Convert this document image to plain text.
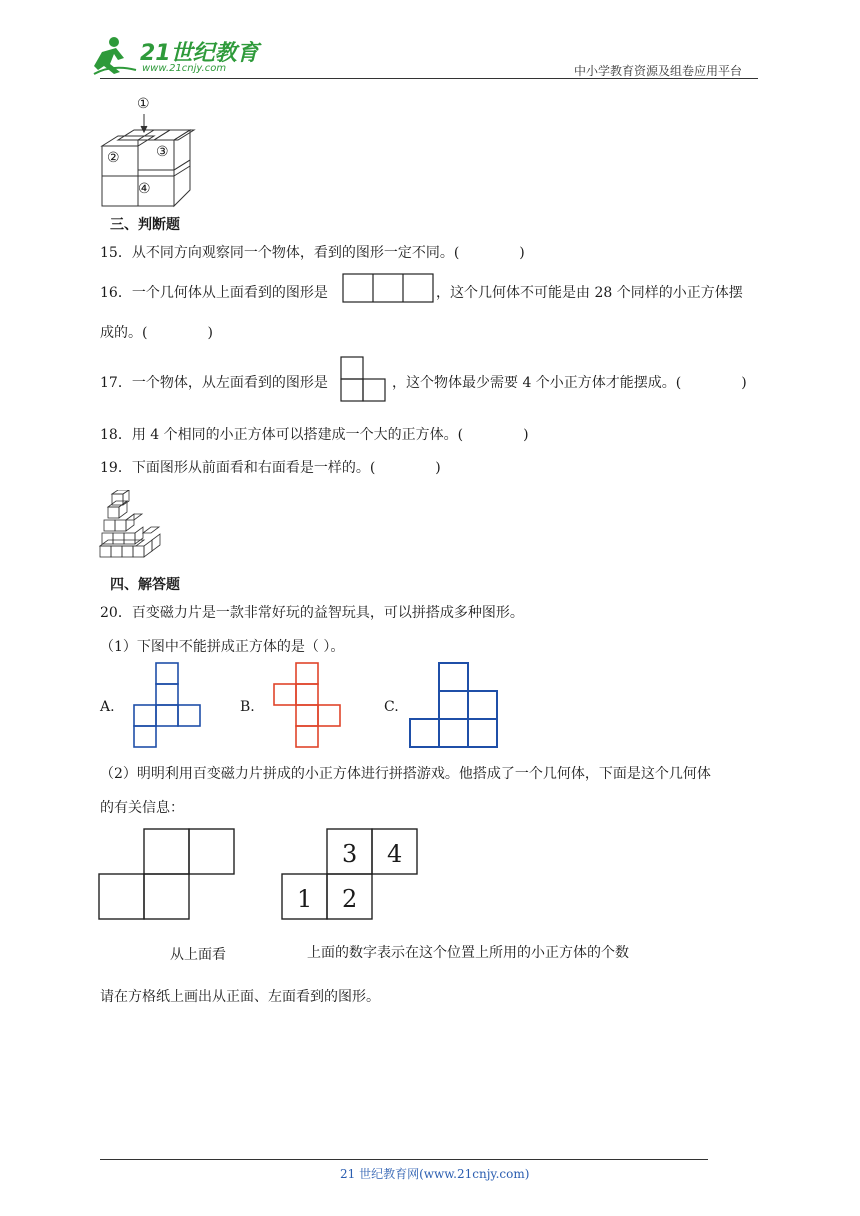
21世纪教育
www.21cnjy.com	中小学教育资源及组卷应用平台
①
②	③
④
三、判断题
15．从不同方向观察同一个物体，看到的图形一定不同。(	)
16．一个几何体从上面看到的图形是	，这个几何体不可能是由 28 个同样的小正方体摆
成的。(	)
17．一个物体，从左面看到的图形是	，这个物体最少需要 4 个小正方体才能摆成。(	)
18．用 4 个相同的小正方体可以搭建成一个大的正方体。(	)
19．下面图形从前面看和右面看是一样的。(	)
四、解答题
20．百变磁力片是一款非常好玩的益智玩具，可以拼搭成多种图形。
（1）下图中不能拼成正方体的是（ ）。
A.	B.	C.
（2）明明利用百变磁力片拼成的小正方体进行拼搭游戏。他搭成了一个几何体，下面是这个几何体
的有关信息：
3 4
1 2
从上面看	上面的数字表示在这个位置上所用的小正方体的个数
请在方格纸上画出从正面、左面看到的图形。
21 世纪教育网(www.21cnjy.com)
